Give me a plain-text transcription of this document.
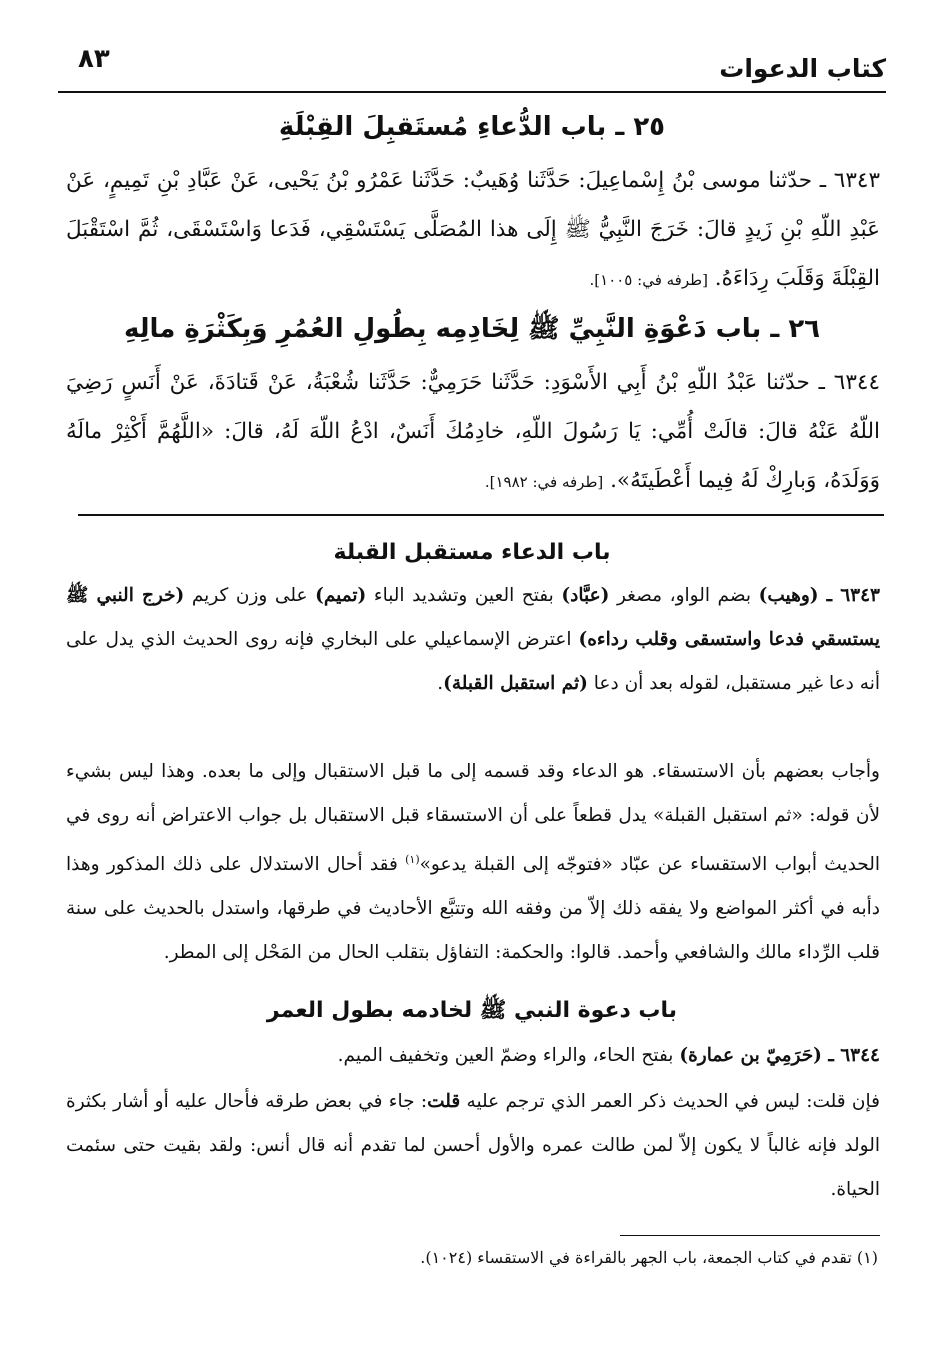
كتاب الدعوات
٨٣
٢٥ ـ باب الدُّعاءِ مُستَقبِلَ القِبْلَةِ
٦٣٤٣ ـ حدّثنا موسى بْنُ إِسْماعِيلَ: حَدَّثَنا وُهَيبٌ: حَدَّثَنا عَمْرُو بْنُ يَحْيى، عَنْ عَبَّادِ بْنِ تَمِيمٍ، عَنْ عَبْدِ اللّهِ بْنِ زَيدٍ قالَ: خَرَجَ النَّبِيُّ ﷺ إِلَى هذا المُصَلَّى يَسْتَسْقِي، فَدَعا وَاسْتَسْقَى، ثُمَّ اسْتَقْبَلَ القِبْلَةَ وَقَلَبَ رِدَاءَهُ. [طرفه في: ١٠٠٥].
٢٦ ـ باب دَعْوَةِ النَّبِيِّ ﷺ لِخَادِمِه بِطُولِ العُمُرِ وَبِكَثْرَةِ مالِهِ
٦٣٤٤ ـ حدّثنا عَبْدُ اللّهِ بْنُ أَبِي الأَسْوَدِ: حَدَّثَنا حَرَمِيٌّ: حَدَّثَنا شُعْبَةُ، عَنْ قَتادَةَ، عَنْ أَنَسٍ رَضِيَ اللّهُ عَنْهُ قالَ: قالَتْ أُمِّي: يَا رَسُولَ اللّهِ، خادِمُكَ أَنَسٌ، ادْعُ اللّهَ لَهُ، قالَ: «اللَّهُمَّ أَكْثِرْ مالَهُ وَوَلَدَهُ، وَبارِكْ لَهُ فِيما أَعْطَيتَهُ». [طرفه في: ١٩٨٢].
باب الدعاء مستقبل القبلة
٦٣٤٣ ـ (وهيب) بضم الواو، مصغر (عبَّاد) بفتح العين وتشديد الباء (تميم) على وزن كريم (خرج النبي ﷺ يستسقي فدعا واستسقى وقلب رداءه) اعترض الإسماعيلي على البخاري فإنه روى الحديث الذي يدل على أنه دعا غير مستقبل، لقوله بعد أن دعا (ثم استقبل القبلة).
وأجاب بعضهم بأن الاستسقاء. هو الدعاء وقد قسمه إلى ما قبل الاستقبال وإلى ما بعده. وهذا ليس بشيء لأن قوله: «ثم استقبل القبلة» يدل قطعاً على أن الاستسقاء قبل الاستقبال بل جواب الاعتراض أنه روى في الحديث أبواب الاستقساء عن عبّاد «فتوجّه إلى القبلة يدعو»$^{(١)}$ فقد أحال الاستدلال على ذلك المذكور وهذا دأبه في أكثر المواضع ولا يفقه ذلك إلاّ من وفقه الله وتتبَّع الأحاديث في طرقها، واستدل بالحديث على سنة قلب الرِّداء مالك والشافعي وأحمد. قالوا: والحكمة: التفاؤل بتقلب الحال من المَحْل إلى المطر.
باب دعوة النبي ﷺ لخادمه بطول العمر
٦٣٤٤ ـ (حَرَمِيّ بن عمارة) بفتح الحاء، والراء وضمّ العين وتخفيف الميم.
فإن قلت: ليس في الحديث ذكر العمر الذي ترجم عليه قلت: جاء في بعض طرقه فأحال عليه أو أشار بكثرة الولد فإنه غالباً لا يكون إلاّ لمن طالت عمره والأول أحسن لما تقدم أنه قال أنس: ولقد بقيت حتى سئمت الحياة.
(١) تقدم في كتاب الجمعة، باب الجهر بالقراءة في الاستقساء (١٠٢٤).
